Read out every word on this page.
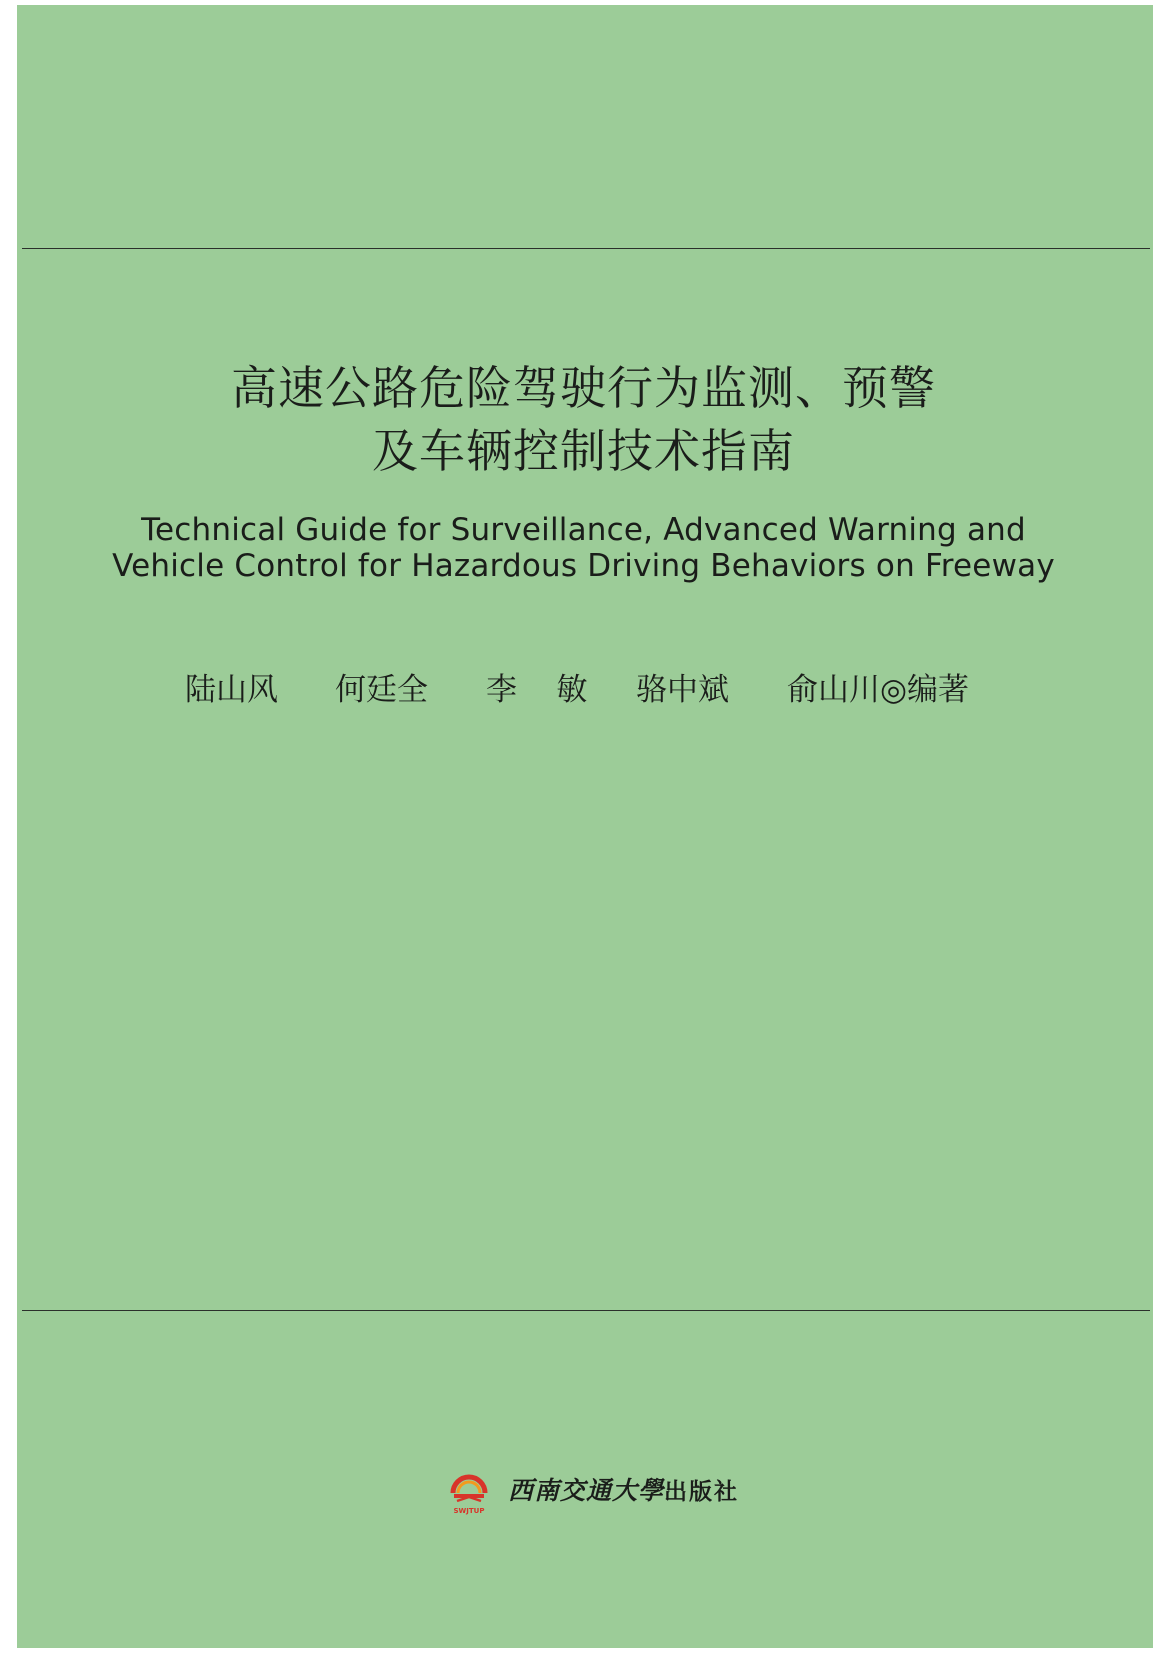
高速公路危险驾驶行为监测、预警
及车辆控制技术指南
Technical Guide for Surveillance, Advanced Warning and
Vehicle Control for Hazardous Driving Behaviors on Freeway
陆山风 何廷全 李    敏 骆中斌 俞山川◎编著
SWJTUP
西南交通大學出版社
